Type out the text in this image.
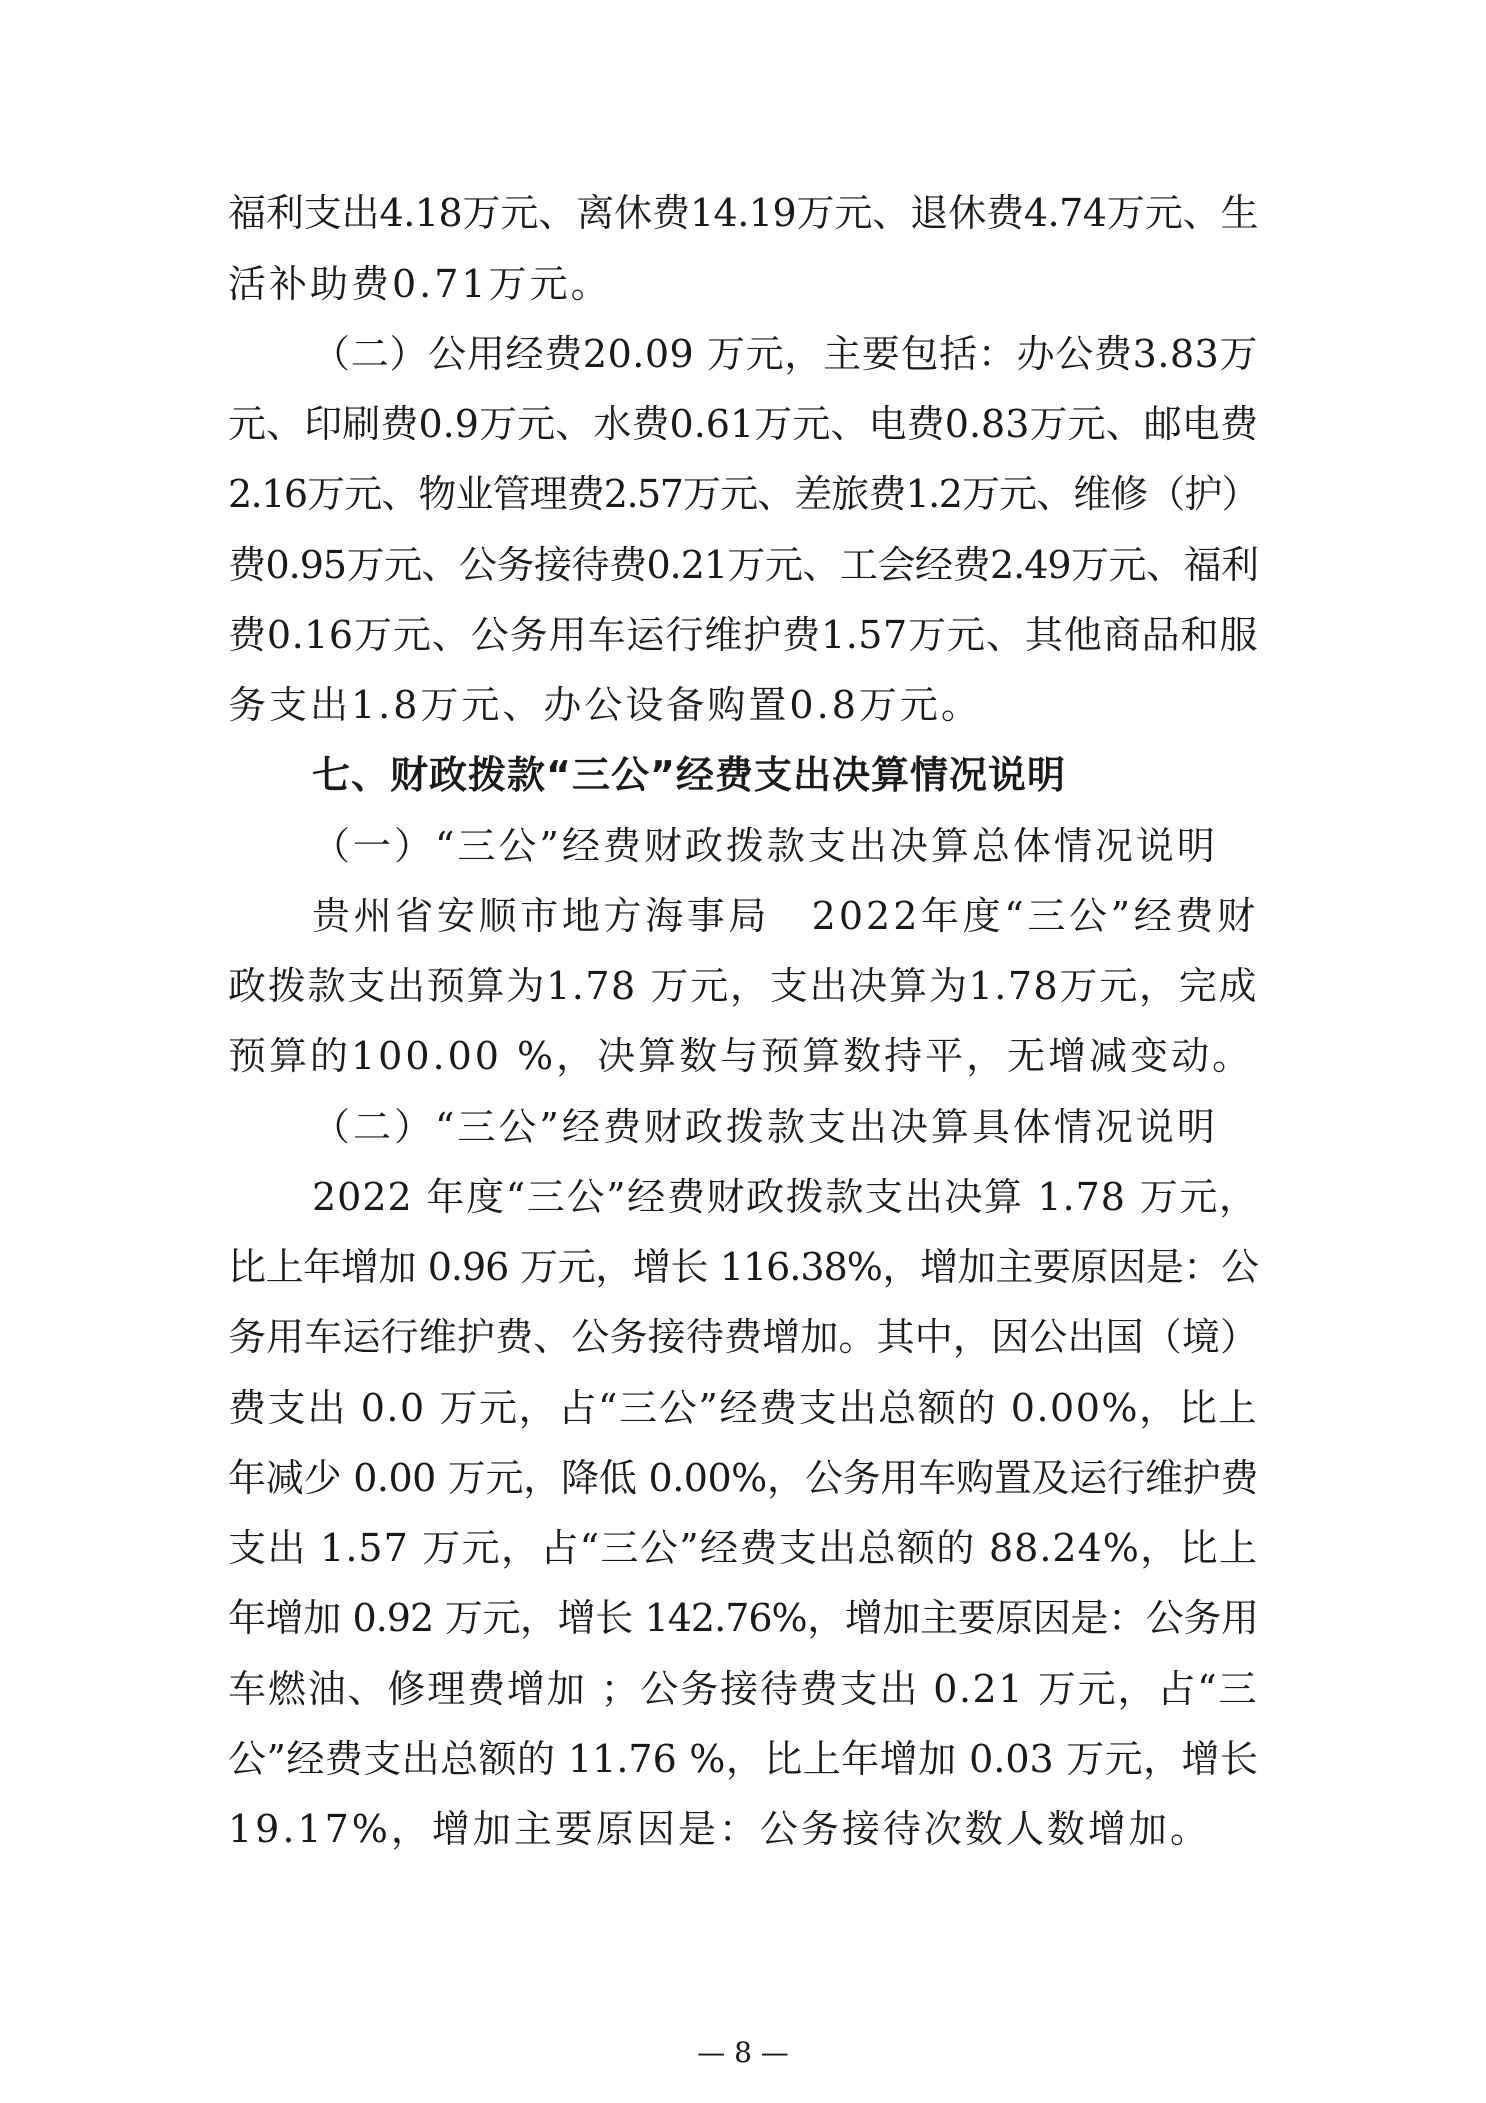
福利支出4.18万元、离休费14.19万元、退休费4.74万元、生
活补助费0.71万元。
（二）公用经费20.09 万元，主要包括：办公费3.83万
元、印刷费0.9万元、水费0.61万元、电费0.83万元、邮电费
2.16万元、物业管理费2.57万元、差旅费1.2万元、维修（护）
费0.95万元、公务接待费0.21万元、工会经费2.49万元、福利
费0.16万元、公务用车运行维护费1.57万元、其他商品和服
务支出1.8万元、办公设备购置0.8万元。
七、财政拨款“三公”经费支出决算情况说明
（一）“三公”经费财政拨款支出决算总体情况说明
贵州省安顺市地方海事局　2022年度“三公”经费财
政拨款支出预算为1.78 万元，支出决算为1.78万元，完成
预算的100.00 %，决算数与预算数持平，无增减变动。
（二）“三公”经费财政拨款支出决算具体情况说明
2022 年度“三公”经费财政拨款支出决算 1.78 万元，
比上年增加 0.96 万元，增长 116.38%，增加主要原因是：公
务用车运行维护费、公务接待费增加。其中，因公出国（境）
费支出 0.0 万元，占“三公”经费支出总额的 0.00%，比上
年减少 0.00 万元，降低 0.00%，公务用车购置及运行维护费
支出 1.57 万元，占“三公”经费支出总额的 88.24%，比上
年增加 0.92 万元，增长 142.76%，增加主要原因是：公务用
车燃油、修理费增加 ；公务接待费支出 0.21 万元，占“三
公”经费支出总额的 11.76 %，比上年增加 0.03 万元，增长
19.17%，增加主要原因是：公务接待次数人数增加。
— 8 —
